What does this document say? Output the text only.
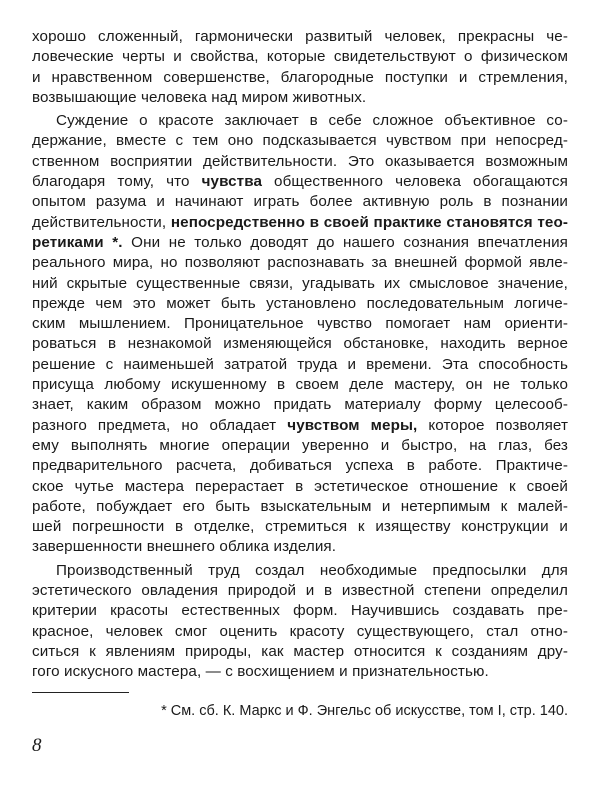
хорошо сложенный, гармонически развитый человек, прекрасны че-
ловеческие черты и свойства, которые свидетельствуют о физическом
и нравственном совершенстве, благородные поступки и стремления,
возвышающие человека над миром животных.
Суждение о красоте заключает в себе сложное объективное со-
держание, вместе с тем оно подсказывается чувством при непосред-
ственном восприятии действительности. Это оказывается возможным
благодаря тому, что чувства общественного человека обогащаются
опытом разума и начинают играть более активную роль в познании
действительности, непосредственно в своей практике становятся тео-
ретиками *. Они не только доводят до нашего сознания впечатления
реального мира, но позволяют распознавать за внешней формой явле-
ний скрытые существенные связи, угадывать их смысловое значение,
прежде чем это может быть установлено последовательным логиче-
ским мышлением. Проницательное чувство помогает нам ориенти-
роваться в незнакомой изменяющейся обстановке, находить верное
решение с наименьшей затратой труда и времени. Эта способность
присуща любому искушенному в своем деле мастеру, он не только
знает, каким образом можно придать материалу форму целесооб-
разного предмета, но обладает чувством меры, которое позволяет
ему выполнять многие операции уверенно и быстро, на глаз, без
предварительного расчета, добиваться успеха в работе. Практиче-
ское чутье мастера перерастает в эстетическое отношение к своей
работе, побуждает его быть взыскательным и нетерпимым к малей-
шей погрешности в отделке, стремиться к изяществу конструкции и
завершенности внешнего облика изделия.
Производственный труд создал необходимые предпосылки для
эстетического овладения природой и в известной степени определил
критерии красоты естественных форм. Научившись создавать пре-
красное, человек смог оценить красоту существующего, стал отно-
ситься к явлениям природы, как мастер относится к созданиям дру-
гого искусного мастера, — с восхищением и признательностью.
* См. сб. К. Маркс и Ф. Энгельс об искусстве, том I, стр. 140.
8
